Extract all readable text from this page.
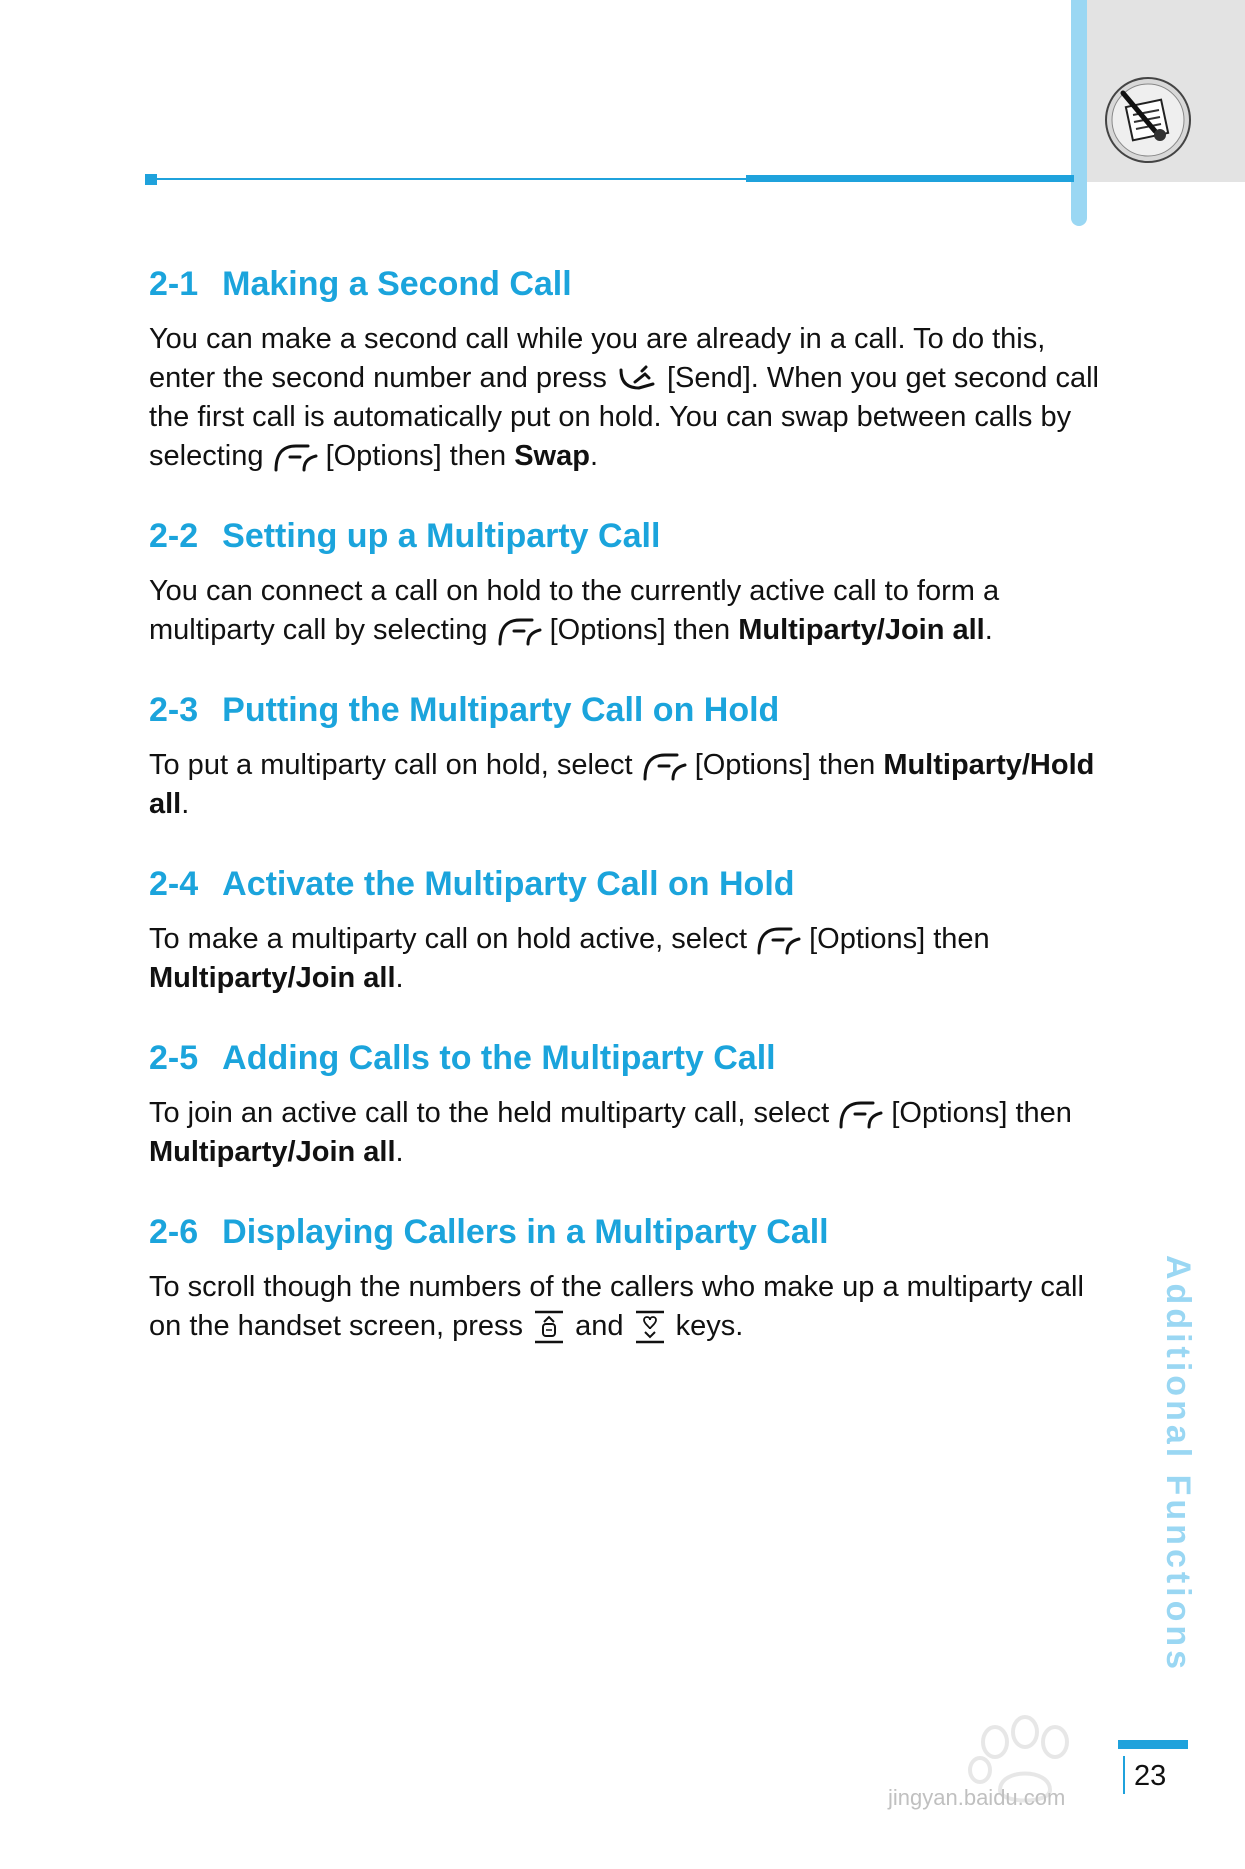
2-1 Making a Second Call

You can make a second call while you are already in a call. To do this, enter the second number and press  [Send]. When you get second call the first call is automatically put on hold. You can swap between calls by selecting  [Options] then Swap.

2-2 Setting up a Multiparty Call

You can connect a call on hold to the currently active call to form a multiparty call by selecting  [Options] then Multiparty/Join all.

2-3 Putting the Multiparty Call on Hold

To put a multiparty call on hold, select  [Options] then Multiparty/Hold all.

2-4 Activate the Multiparty Call on Hold

To make a multiparty call on hold active, select  [Options] then Multiparty/Join all.

2-5 Adding Calls to the Multiparty Call

To join an active call to the held multiparty call, select  [Options] then Multiparty/Join all.

2-6 Displaying Callers in a Multiparty Call

To scroll though the numbers of the callers who make up a multiparty call on the handset screen, press  and  keys.	Additional Functions
jingyan.baidu.com
23
